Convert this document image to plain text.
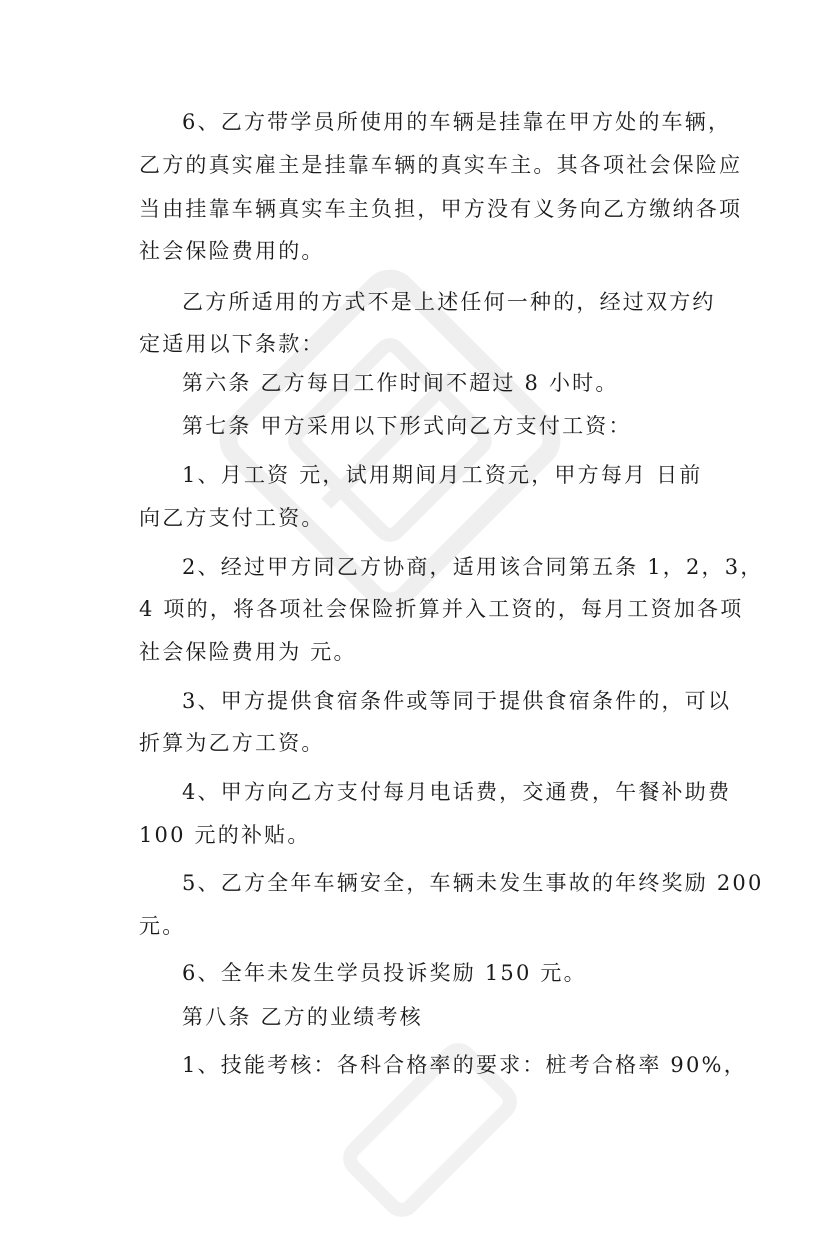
6、乙方带学员所使用的车辆是挂靠在甲方处的车辆，
乙方的真实雇主是挂靠车辆的真实车主。其各项社会保险应
当由挂靠车辆真实车主负担，甲方没有义务向乙方缴纳各项
社会保险费用的。
乙方所适用的方式不是上述任何一种的，经过双方约
定适用以下条款：
第六条 乙方每日工作时间不超过 8 小时。
第七条 甲方采用以下形式向乙方支付工资：
1、月工资 元，试用期间月工资元，甲方每月 日前
向乙方支付工资。
2、经过甲方同乙方协商，适用该合同第五条 1，2，3，
4 项的，将各项社会保险折算并入工资的，每月工资加各项
社会保险费用为 元。
3、甲方提供食宿条件或等同于提供食宿条件的，可以
折算为乙方工资。
4、甲方向乙方支付每月电话费，交通费，午餐补助费
100 元的补贴。
5、乙方全年车辆安全，车辆未发生事故的年终奖励 200
元。
6、全年未发生学员投诉奖励 150 元。
第八条 乙方的业绩考核
1、技能考核：各科合格率的要求：桩考合格率 90%，
